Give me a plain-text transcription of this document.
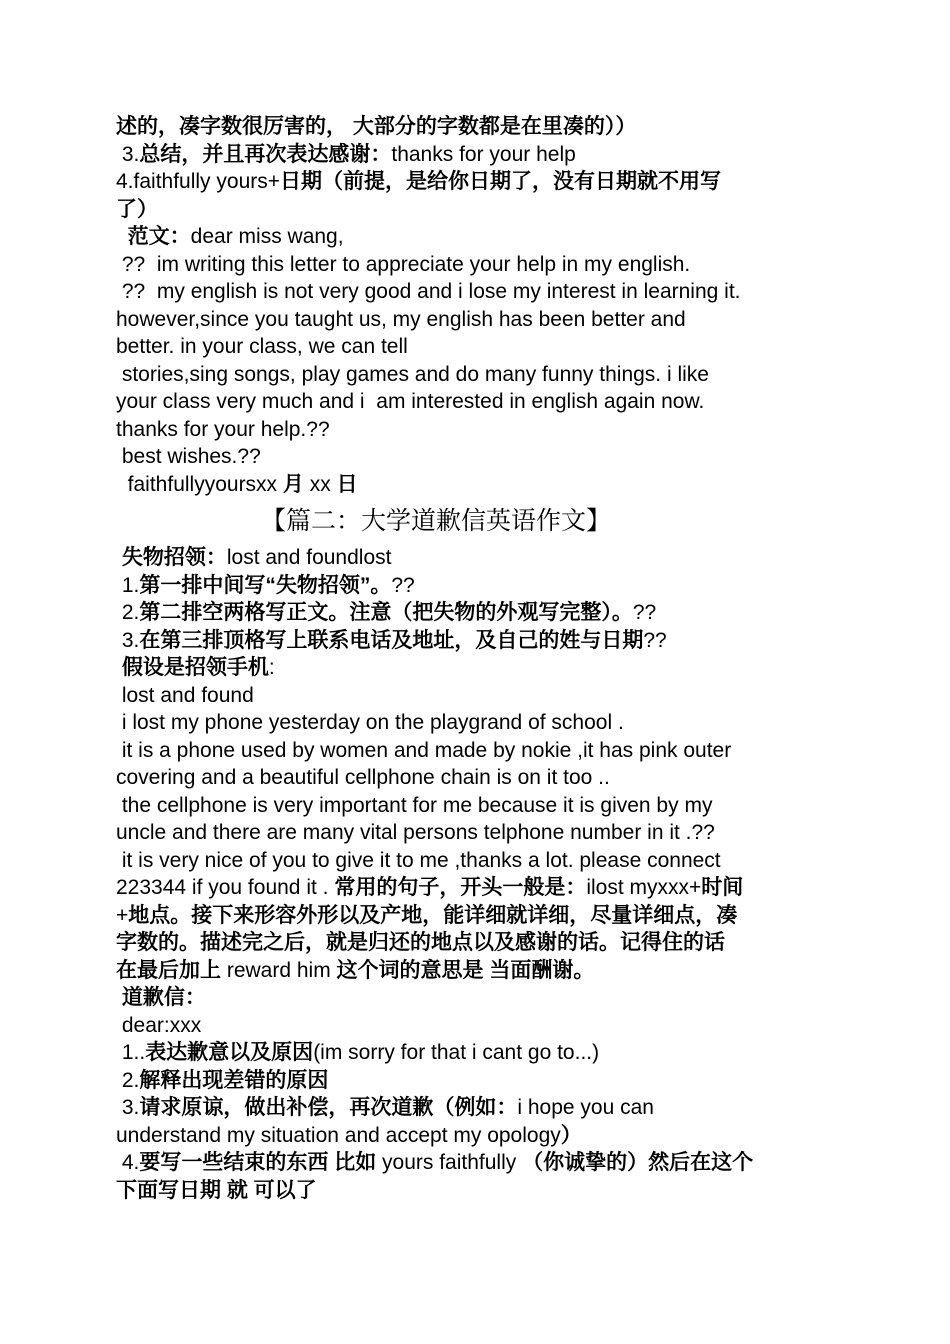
述的，凑字数很厉害的， 大部分的字数都是在里凑的））
3.总结，并且再次表达感谢：thanks for your help
4.faithfully yours+日期（前提，是给你日期了，没有日期就不用写
了）
范文：dear miss wang,
??  im writing this letter to appreciate your help in my english.
??  my english is not very good and i lose my interest in learning it.
however,since you taught us, my english has been better and
better. in your class, we can tell
stories,sing songs, play games and do many funny things. i like
your class very much and i  am interested in english again now.
thanks for your help.??
best wishes.??
faithfullyyoursxx 月 xx 日
【篇二：大学道歉信英语作文】
失物招领：lost and foundlost
1.第一排中间写“失物招领”。??
2.第二排空两格写正文。注意（把失物的外观写完整）。??
3.在第三排顶格写上联系电话及地址，及自己的姓与日期??
假设是招领手机:
lost and found
i lost my phone yesterday on the playgrand of school .
it is a phone used by women and made by nokie ,it has pink outer
covering and a beautiful cellphone chain is on it too ..
the cellphone is very important for me because it is given by my
uncle and there are many vital persons telphone number in it .??
it is very nice of you to give it to me ,thanks a lot. please connect
223344 if you found it . 常用的句子，开头一般是：ilost myxxx+时间
+地点。接下来形容外形以及产地，能详细就详细，尽量详细点，凑
字数的。描述完之后，就是归还的地点以及感谢的话。记得住的话
在最后加上 reward him 这个词的意思是 当面酬谢。
道歉信：
dear:xxx
1..表达歉意以及原因(im sorry for that i cant go to...)
2.解释出现差错的原因
3.请求原谅，做出补偿，再次道歉（例如：i hope you can
understand my situation and accept my opology）
4.要写一些结束的东西 比如 yours faithfully （你诚挚的）然后在这个
下面写日期 就 可以了
